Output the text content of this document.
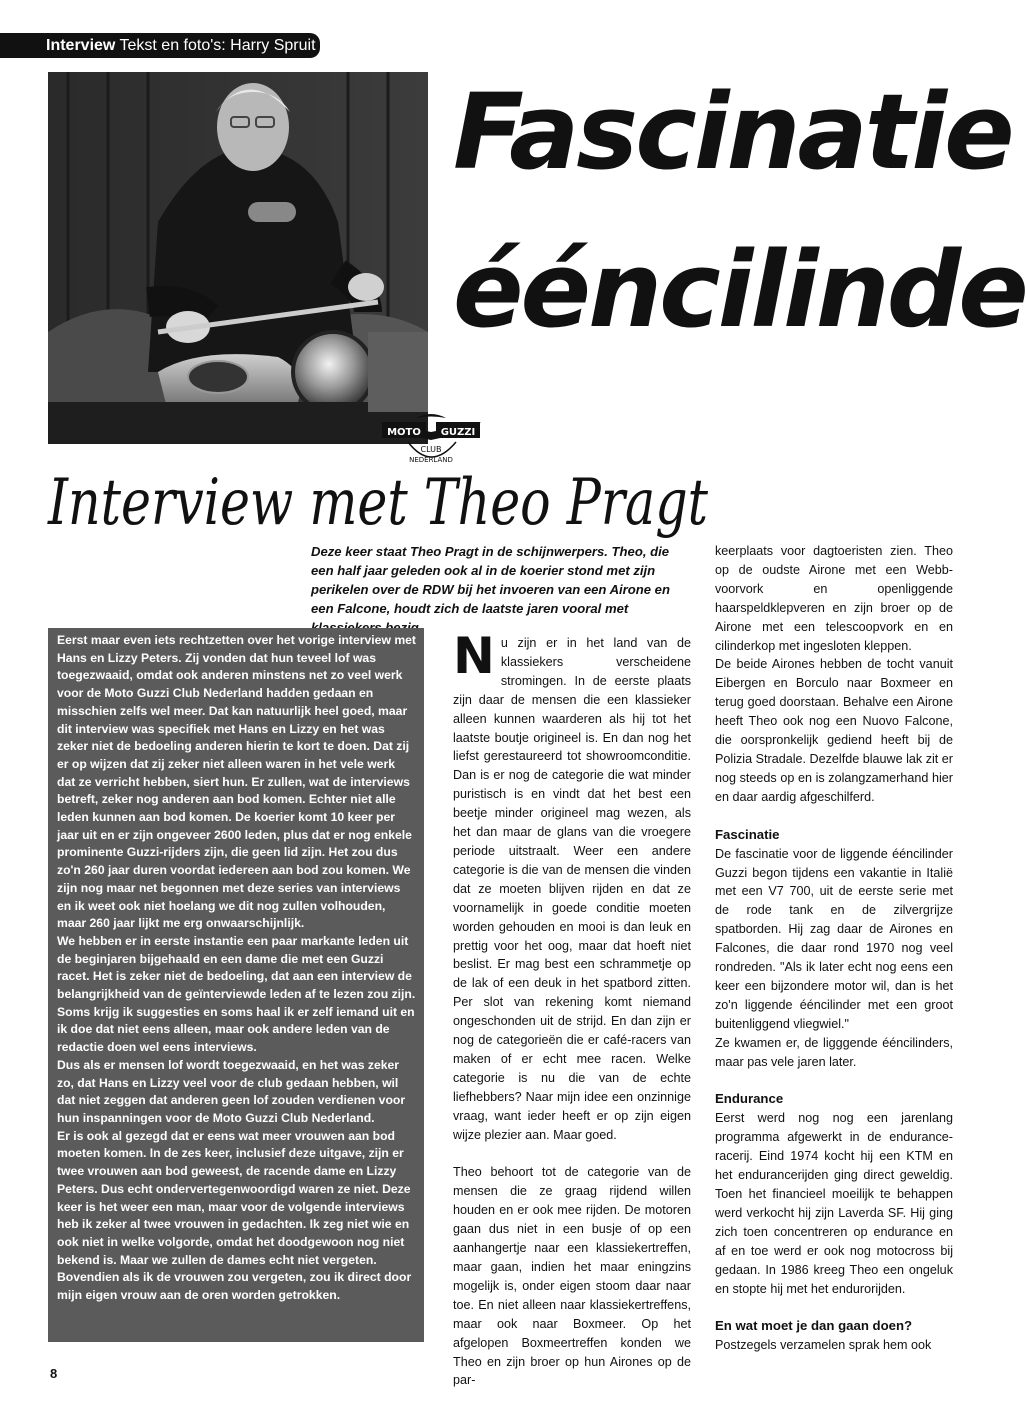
Interview Tekst en foto's: Harry Spruit
MOTO GUZZI
CLUB
NEDERLAND
Fascinatie
ééncilinde
Interview met Theo Pragt
Deze keer staat Theo Pragt in de schijnwerpers. Theo, die een half jaar geleden ook al in de koerier stond met zijn perikelen over de RDW bij het invoeren van een Airone en een Falcone, houdt zich de laatste jaren vooral met

Eerst maar even iets rechtzetten over het vorige interview met Hans en Lizzy Peters. Zij vonden dat hun teveel lof was toegezwaaid, omdat ook anderen minstens net zo veel werk voor de Moto Guzzi Club Nederland hadden gedaan en misschien zelfs wel meer. Dat kan natuurlijk heel goed, maar dit interview was specifiek met Hans en Lizzy en het was zeker niet de bedoeling anderen hierin te kort te doen. Dat zij er op wijzen dat zij zeker niet alleen waren in het vele werk dat ze verricht hebben, siert hun. Er zullen, wat de interviews betreft, zeker nog anderen aan bod komen. Echter niet alle leden kunnen aan bod komen. De koerier komt 10 keer per jaar uit en er zijn ongeveer 2600 leden, plus dat er nog enkele prominente Guzzi-rijders zijn, die geen lid zijn. Het zou dus zo'n 260 jaar duren voordat iedereen aan bod zou komen. We zijn nog maar net begonnen met deze series van interviews en ik weet ook niet hoelang we dit nog zullen volhouden, maar 260 jaar lijkt me erg onwaarschijnlijk.

We hebben er in eerste instantie een paar markante leden uit de beginjaren bijgehaald en een dame die met een Guzzi racet. Het is zeker niet de bedoeling, dat aan een interview de belangrijkheid van de geïnterviewde leden af te lezen zou zijn. Soms krijg ik suggesties en soms haal ik er zelf iemand uit en ik doe dat niet eens alleen, maar ook andere leden van de redactie doen wel eens interviews.

Dus als er mensen lof wordt toegezwaaid, en het was zeker zo, dat Hans en Lizzy veel voor de club gedaan hebben, wil dat niet zeggen dat anderen geen lof zouden verdienen voor hun inspanningen voor de Moto Guzzi Club Nederland.

Er is ook al gezegd dat er eens wat meer vrouwen aan bod moeten komen. In de zes keer, inclusief deze uitgave, zijn er twee vrouwen aan bod geweest, de racende dame en Lizzy Peters. Dus echt ondervertegenwoordigd waren ze niet. Deze keer is het weer een man, maar voor de volgende interviews heb ik zeker al twee vrouwen in gedachten. Ik zeg niet wie en ook niet in welke volgorde, omdat het doodgewoon nog niet bekend is. Maar we zullen de dames echt niet vergeten. Bovendien als ik de vrouwen zou vergeten, zou ik direct door mijn eigen vrouw aan de oren worden getrokken.

Nu zijn er in het land van de klassiekers verscheidene stromingen. In de eerste plaats zijn daar de mensen die een klassieker alleen kunnen waarderen als hij tot het laatste boutje origineel is. En dan nog het liefst gerestaureerd tot showroomconditie. Dan is er nog de categorie die wat minder puristisch is en vindt dat het best een beetje minder origineel mag wezen, als het dan maar de glans van die vroegere periode uitstraalt. Weer een andere categorie is die van de mensen die vinden dat ze moeten blijven rijden en dat ze voornamelijk in goede conditie moeten worden gehouden en mooi is dan leuk en prettig voor het oog, maar dat hoeft niet beslist. Er mag best een schrammetje op de lak of een deuk in het spatbord zitten. Per slot van rekening komt niemand ongeschonden uit de strijd. En dan zijn er nog de categorieën die er café-racers van maken of er echt mee racen. Welke categorie is nu die van de echte liefhebbers? Naar mijn idee een onzinnige vraag, want ieder heeft er op zijn eigen wijze plezier aan. Maar goed.

Theo behoort tot de categorie van de mensen die ze graag rijdend willen houden en er ook mee rijden. De motoren gaan dus niet in een busje of op een aanhangertje naar een klassiekertreffen, maar gaan, indien het maar eningzins mogelijk is, onder eigen stoom daar naar toe. En niet alleen naar klassiekertreffens, maar ook naar Boxmeer. Op het afgelopen Boxmeertreffen konden we Theo en zijn broer op hun Airones op de par-

keerplaats voor dagtoeristen zien. Theo op de oudste Airone met een Webb-voorvork en openliggende haarspeldklepveren en zijn broer op de Airone met een telescoopvork en en cilinderkop met ingesloten kleppen.

De beide Airones hebben de tocht vanuit Eibergen en Borculo naar Boxmeer en terug goed doorstaan. Behalve een Airone heeft Theo ook nog een Nuovo Falcone, die oorspronkelijk gediend heeft bij de Polizia Stradale. Dezelfde blauwe lak zit er nog steeds op en is zolangzamerhand hier en daar aardig afgeschilferd.

Fascinatie

De fascinatie voor de liggende ééncilinder Guzzi begon tijdens een vakantie in Italië met een V7 700, uit de eerste serie met de rode tank en de zilvergrijze spatborden. Hij zag daar de Airones en Falcones, die daar rond 1970 nog veel rondreden. "Als ik later echt nog eens een keer een bijzondere motor wil, dan is het zo'n liggende ééncilinder met een groot buitenliggend vliegwiel."

Ze kwamen er, de ligggende ééncilinders, maar pas vele jaren later.

Endurance

Eerst werd nog nog een jarenlang programma afgewerkt in de endurance-racerij. Eind 1974 kocht hij een KTM en het endurancerijden ging direct geweldig. Toen het financieel moeilijk te behappen werd verkocht hij zijn Laverda SF. Hij ging zich toen concentreren op endurance en af en toe werd er ook nog motocross bij gedaan. In 1986 kreeg Theo een ongeluk en stopte hij met het endurorijden.

En wat moet je dan gaan doen?

Postzegels verzamelen sprak hem ook

8
